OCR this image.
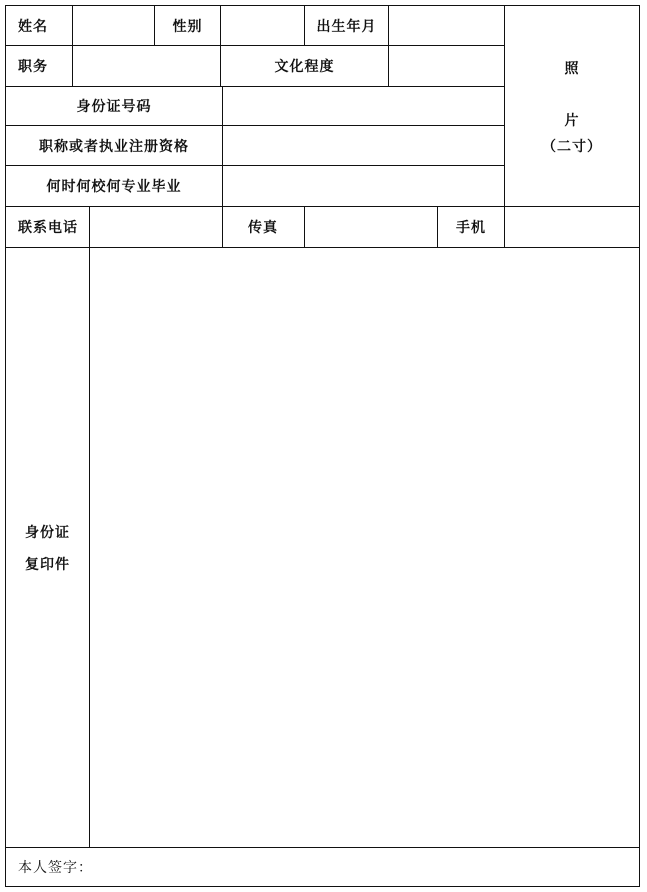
姓名	性别	出生年月
职务	文化程度
身份证号码
职称或者执业注册资格
何时何校何专业毕业
照
片
（二寸）
联系电话	传真	手机
身份证
复印件
本人签字：
